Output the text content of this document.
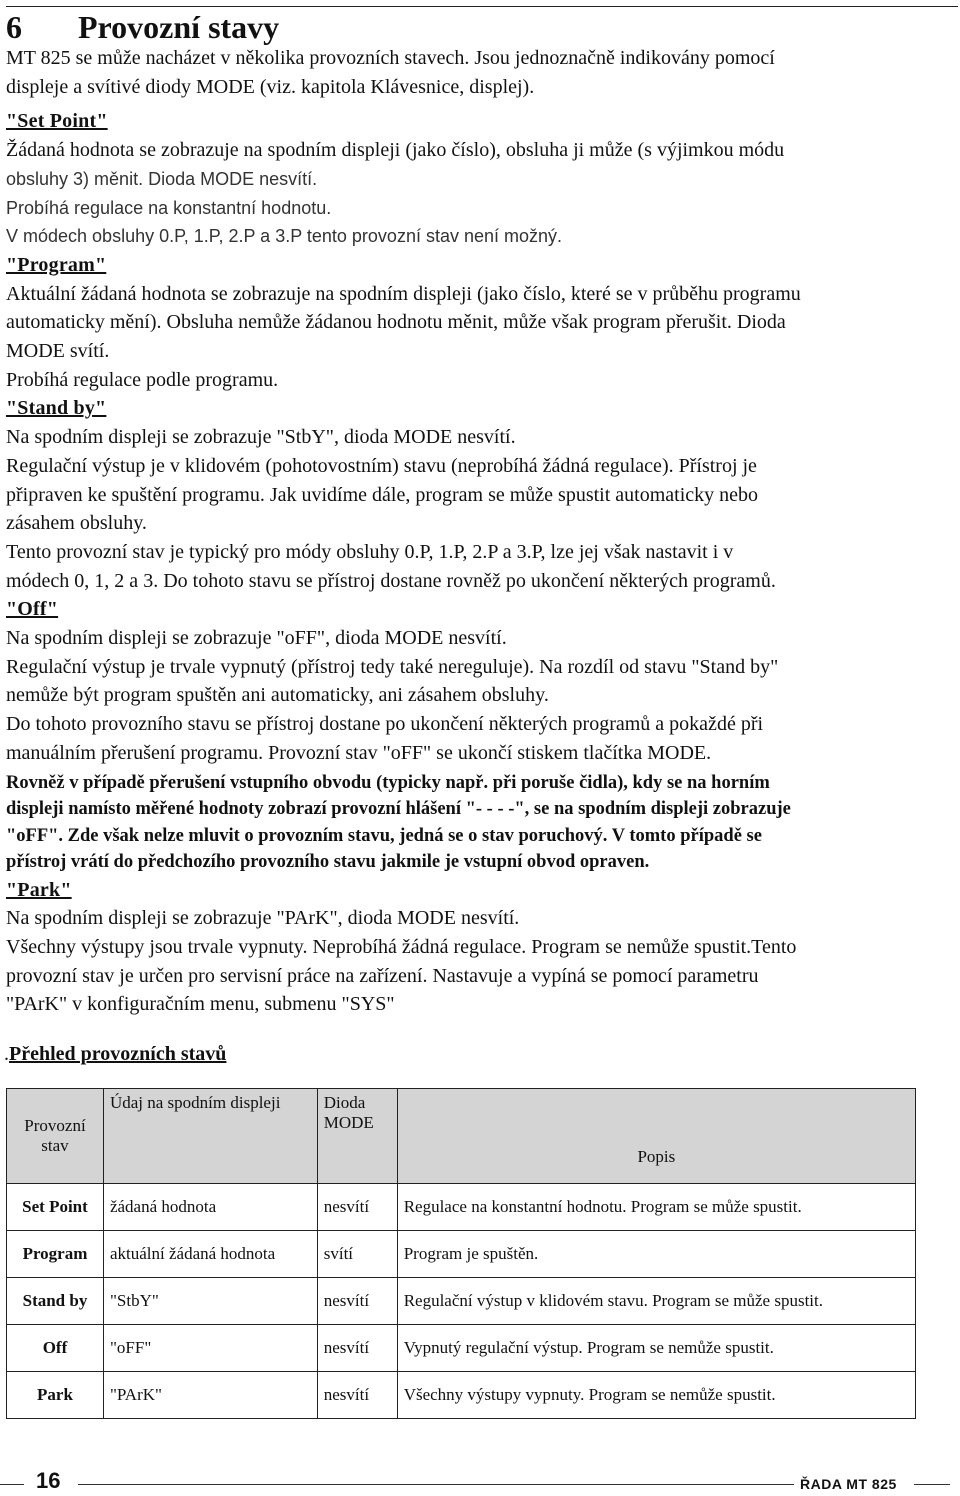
6 Provozní stavy

MT 825 se může nacházet v několika provozních stavech. Jsou jednoznačně indikovány pomocí

displeje a svítivé diody MODE (viz. kapitola Klávesnice, displej).

"Set Point"

Žádaná hodnota se zobrazuje na spodním displeji (jako číslo), obsluha ji může (s výjimkou módu

obsluhy 3) měnit. Dioda MODE nesvítí.

Probíhá regulace na konstantní hodnotu.

V módech obsluhy 0.P, 1.P, 2.P a 3.P tento provozní stav není možný.

"Program"

Aktuální žádaná hodnota se zobrazuje na spodním displeji (jako číslo, které se v průběhu programu

automaticky mění). Obsluha nemůže žádanou hodnotu měnit, může však program přerušit. Dioda

MODE svítí.

Probíhá regulace podle programu.

"Stand by"

Na spodním displeji se zobrazuje "StbY", dioda MODE nesvítí.

Regulační výstup je v klidovém (pohotovostním) stavu (neprobíhá žádná regulace). Přístroj je

připraven ke spuštění programu. Jak uvidíme dále, program se může spustit automaticky nebo

zásahem obsluhy.

Tento provozní stav je typický pro módy obsluhy 0.P, 1.P, 2.P a 3.P, lze jej však nastavit i v

módech 0, 1, 2 a 3. Do tohoto stavu se přístroj dostane rovněž po ukončení některých programů.

"Off"

Na spodním displeji se zobrazuje "oFF", dioda MODE nesvítí.

Regulační výstup je trvale vypnutý (přístroj tedy také nereguluje). Na rozdíl od stavu "Stand by"

nemůže být program spuštěn ani automaticky, ani zásahem obsluhy.

Do tohoto provozního stavu se přístroj dostane po ukončení některých programů a pokaždé při

manuálním přerušení programu. Provozní stav "oFF" se ukončí stiskem tlačítka MODE.

Rovněž v případě přerušení vstupního obvodu (typicky např. při poruše čidla), kdy se na horním

displeji namísto měřené hodnoty zobrazí provozní hlášení "- - - -", se na spodním displeji zobrazuje

"oFF". Zde však nelze mluvit o provozním stavu, jedná se o stav poruchový. V tomto případě se

přístroj vrátí do předchozího provozního stavu jakmile je vstupní obvod opraven.

"Park"

Na spodním displeji se zobrazuje "PArK", dioda MODE nesvítí.

Všechny výstupy jsou trvale vypnuty. Neprobíhá žádná regulace. Program se nemůže spustit.Tento

provozní stav je určen pro servisní práce na zařízení. Nastavuje a vypíná se pomocí parametru

"PArK" v konfiguračním menu, submenu "SYS"

.Přehled provozních stavů
Provozní stav	Údaj na spodním displeji	Dioda MODE	Popis
Set Point	žádaná hodnota	nesvítí	Regulace na konstantní hodnotu. Program se může spustit.
Program	aktuální žádaná hodnota	svítí	Program je spuštěn.
Stand by	"StbY"	nesvítí	Regulační výstup v klidovém stavu. Program se může spustit.
Off	"oFF"	nesvítí	Vypnutý regulační výstup. Program se nemůže spustit.
Park	"PArK"	nesvítí	Všechny výstupy vypnuty. Program se nemůže spustit.
16	ŘADA MT 825
